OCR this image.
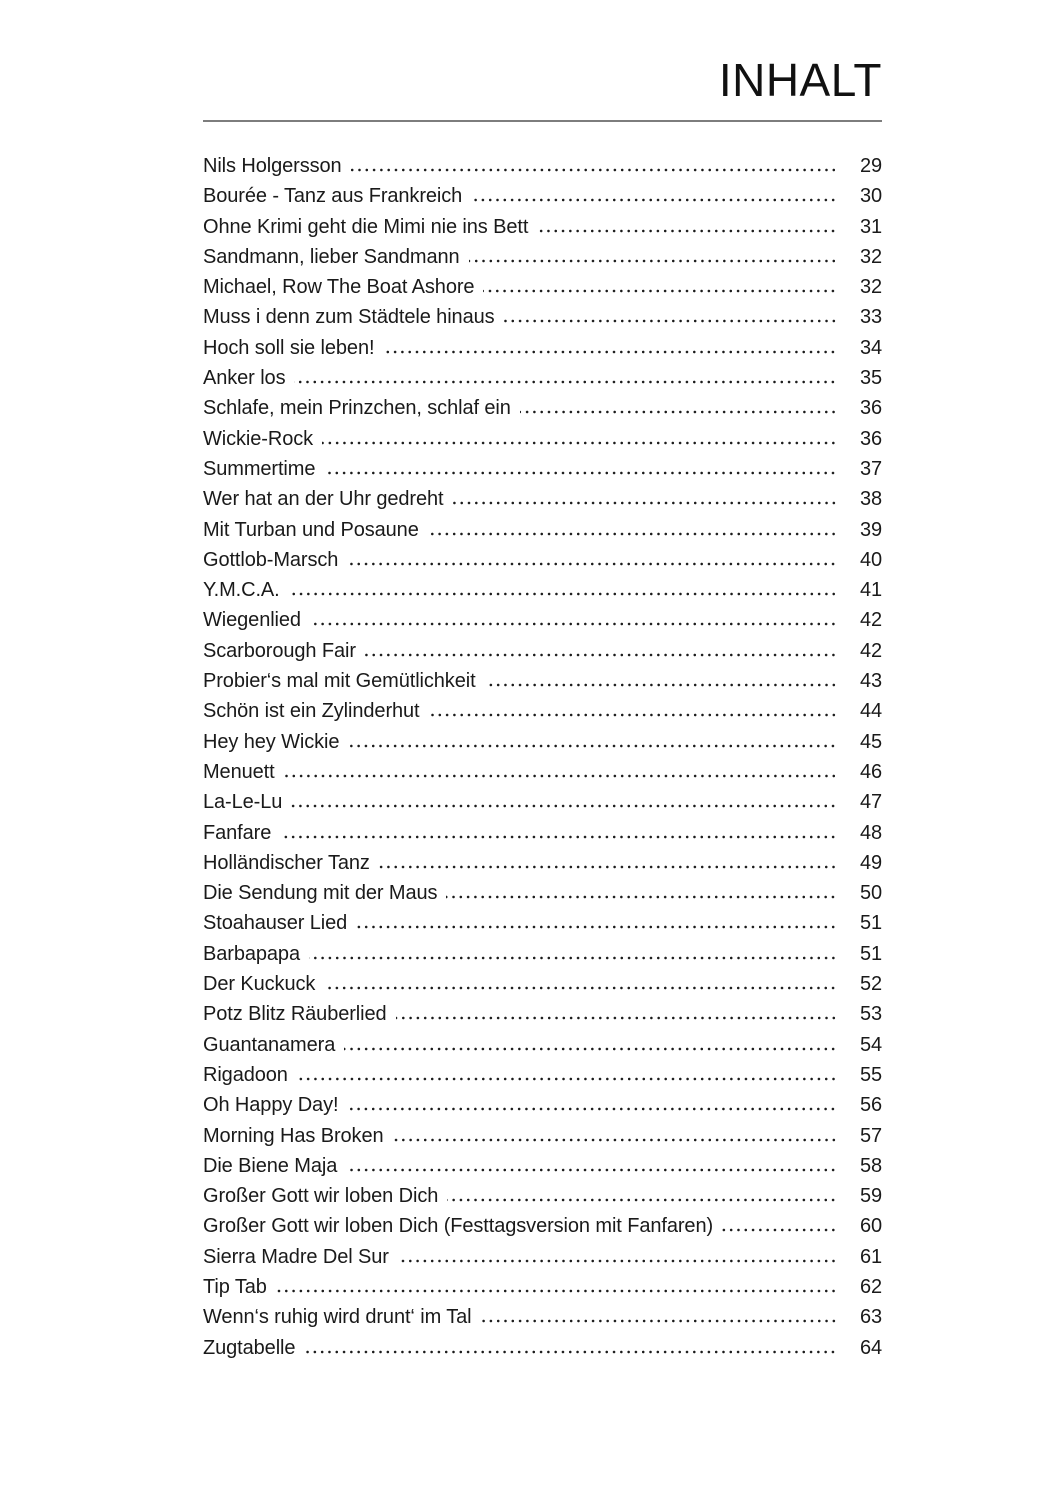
INHALT
Nils Holgersson	29
Bourée - Tanz aus Frankreich	30
Ohne Krimi geht die Mimi nie ins Bett	31
Sandmann, lieber Sandmann	32
Michael, Row The Boat Ashore	32
Muss i denn zum Städtele hinaus	33
Hoch soll sie leben!	34
Anker los	35
Schlafe, mein Prinzchen, schlaf ein	36
Wickie-Rock	36
Summertime	37
Wer hat an der Uhr gedreht	38
Mit Turban und Posaune	39
Gottlob-Marsch	40
Y.M.C.A.	41
Wiegenlied	42
Scarborough Fair	42
Probier‘s mal mit Gemütlichkeit	43
Schön ist ein Zylinderhut	44
Hey hey Wickie	45
Menuett	46
La-Le-Lu	47
Fanfare	48
Holländischer Tanz	49
Die Sendung mit der Maus	50
Stoahauser Lied	51
Barbapapa	51
Der Kuckuck	52
Potz Blitz Räuberlied	53
Guantanamera	54
Rigadoon	55
Oh Happy Day!	56
Morning Has Broken	57
Die Biene Maja	58
Großer Gott wir loben Dich	59
Großer Gott wir loben Dich (Festtagsversion mit Fanfaren)	60
Sierra Madre Del Sur	61
Tip Tab	62
Wenn‘s ruhig wird drunt‘ im Tal	63
Zugtabelle	64
